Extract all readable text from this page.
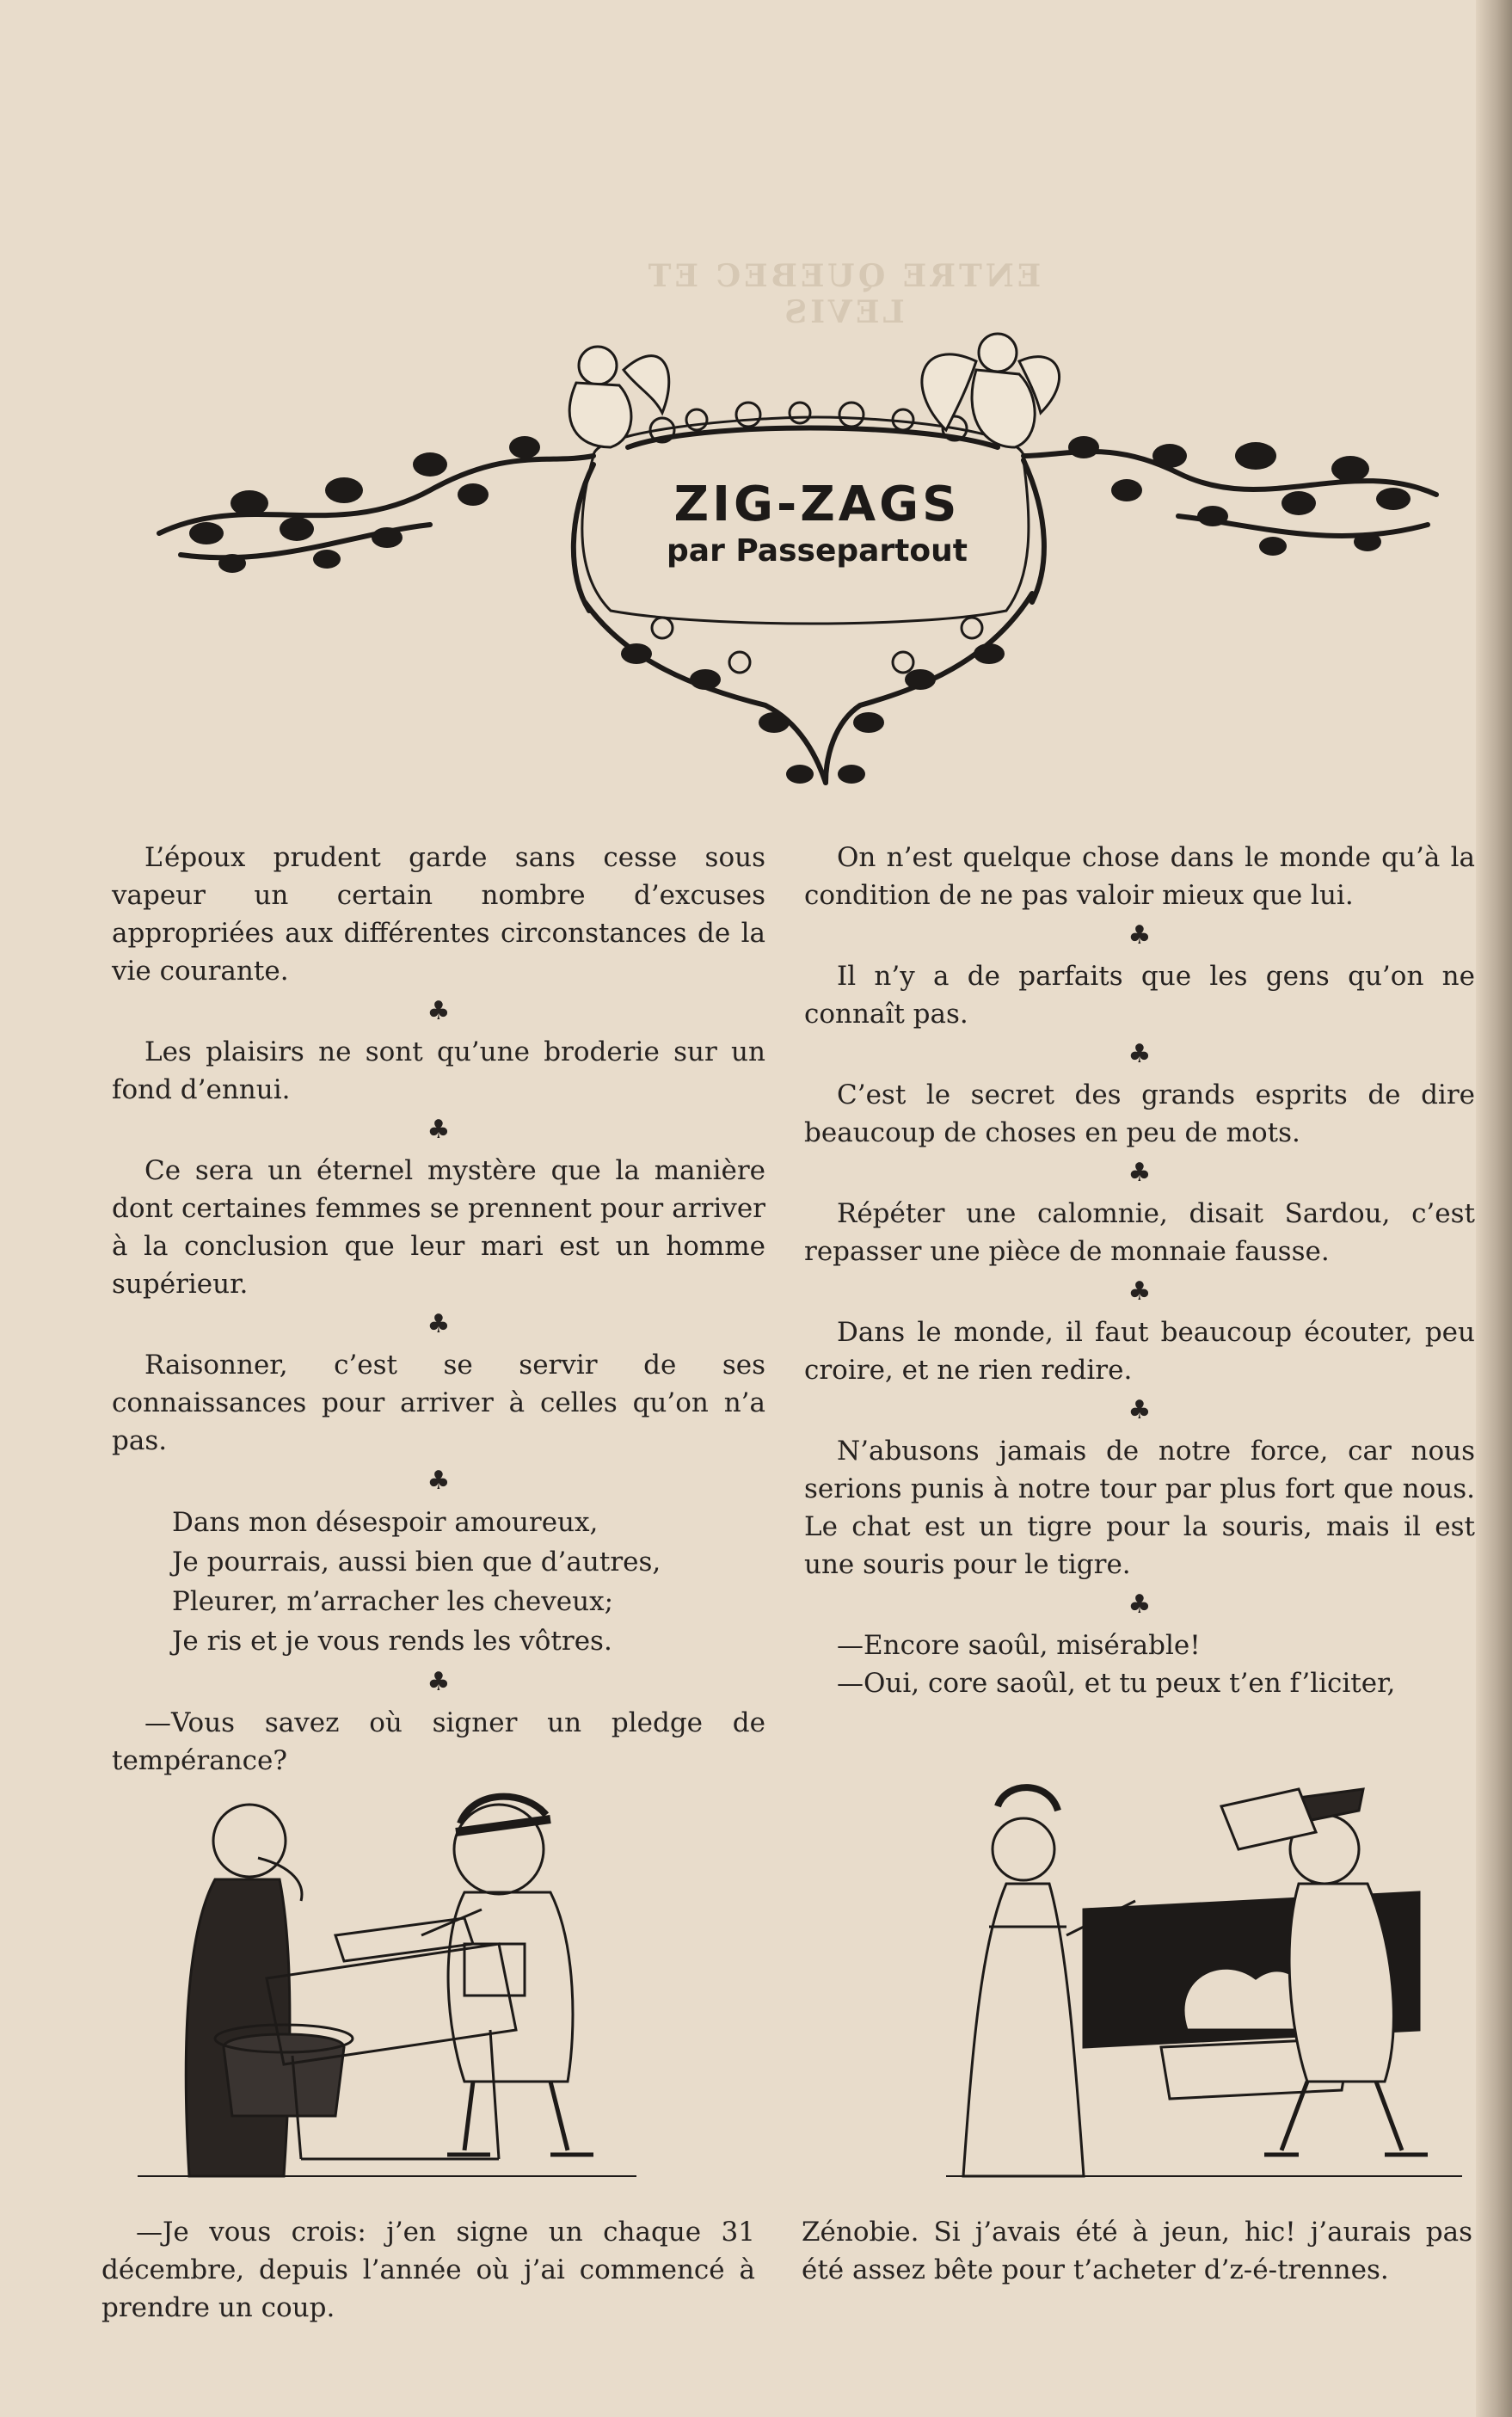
ENTRE QUEBEC ET LEVIS
ZIG-ZAGS
par Passepartout

L’époux prudent garde sans cesse sous vapeur un certain nombre d’excuses appropriées aux différentes circonstances de la vie courante.

♣

Les plaisirs ne sont qu’une broderie sur un fond d’ennui.

♣

Ce sera un éternel mystère que la manière dont certaines femmes se prennent pour arriver à la conclusion que leur mari est un homme supérieur.

♣

Raisonner, c’est se servir de ses connaissances pour arriver à celles qu’on n’a pas.

♣
Dans mon désespoir amoureux,
Je pourrais, aussi bien que d’autres,
Pleurer, m’arracher les cheveux;
Je ris et je vous rends les vôtres.
♣

—Vous savez où signer un pledge de tempérance?

On n’est quelque chose dans le monde qu’à la condition de ne pas valoir mieux que lui.

♣

Il n’y a de parfaits que les gens qu’on ne connaît pas.

♣

C’est le secret des grands esprits de dire beaucoup de choses en peu de mots.

♣

Répéter une calomnie, disait Sardou, c’est repasser une pièce de monnaie fausse.

♣

Dans le monde, il faut beaucoup écouter, peu croire, et ne rien redire.

♣

N’abusons jamais de notre force, car nous serions punis à notre tour par plus fort que nous. Le chat est un tigre pour la souris, mais il est une souris pour le tigre.

♣

—Encore saoûl, misérable!

—Oui, core saoûl, et tu peux t’en f’liciter,

—Je vous crois: j’en signe un chaque 31 décembre, depuis l’année où j’ai commencé à prendre un coup.
Zénobie. Si j’avais été à jeun, hic! j’aurais pas été assez bête pour t’acheter d’z-é-trennes.
